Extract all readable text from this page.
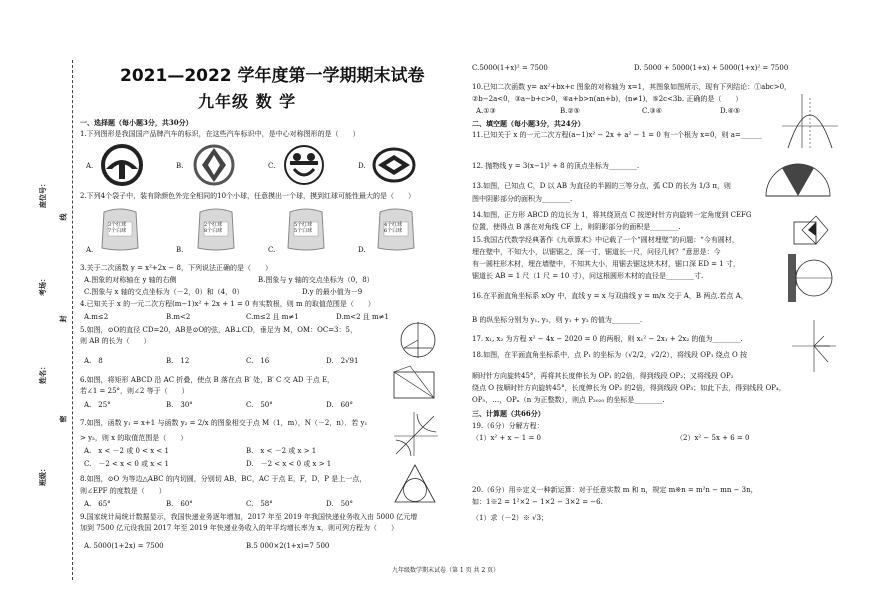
班级：
姓名：
考场：
座位号：
线
封
密
2021—2022 学年度第一学期期末试卷
九年级 数 学
一、选择题（每小题3分，共30分）
1.下列图形是我国国产品牌汽车的标识，在这些汽车标识中，是中心对称图形的是（　　）
A.	B.	C.	D.
2.下列4个袋子中，装有除颜色外完全相同的10个小球，任意摸出一个球，摸到红球可能性最大的是（　　）
A.	B.	C.	D.
3个红球
7个白球
2个红球
8个白球
5个红球
5个白球
4个红球
6个白球
3.关于二次函数 y = x²+2x − 8，下列说法正确的是（　　）
A.图象的对称轴在 y 轴的右侧	B.图象与 y 轴的交点坐标为（0，8）
C.图象与 x 轴的交点坐标为（－2，0）和（4，0）	D.y 的最小值为－9
4.已知关于 x 的一元二次方程(m−1)x² + 2x + 1 = 0 有实数根，则 m 的取值范围是（　　）
A.m≤2	B.m<2	C.m≤2 且 m≠1	D.m<2 且 m≠1
5.如图，⊙O的直径 CD=20，AB是⊙O的弦，AB⊥CD，垂足为 M，OM：OC=3：5，
则 AB 的长为（　　）
A.　8	B.　12	C.　16	D.　2√91
6.如图，将矩形 ABCD 沿 AC 折叠，使点 B 落在点 B′ 处，B′ C 交 AD 于点 E，
若∠1 = 25°，则∠2 等于（　　）
A.　25°	B.　30°	C.　50°	D.　60°
7.如图，函数 y₁ = x+1 与函数 y₂ = 2/x 的图象相交于点 M（1，m），N（－2，n）．若 y₁
> y₂，则 x 的取值范围是（　　）
A.　x < －2 或 0 < x < 1	B.　x < －2 或 x > 1
C.　－2 < x < 0 或 x < 1	D.　－2 < x < 0 或 x > 1
8.如图，⊙O 为等边△ABC 的内切圆，分别切 AB，BC，AC 于点 E，F，D，P 是上一点，
则∠EPF 的度数是（　　）
A.　65°	B.　60°	C.　58°	D.　50°
9.国家统计局统计数据显示，我国快递业务逐年增加，2017 年至 2019 年我国快递业务收入由 5000 亿元增
加到 7500 亿元设我国 2017 年至 2019 年快递业务收入的年平均增长率为 x，则可列方程为（　　）
A. 5000(1+2x) = 7500	B.5 000×2(1+x)=7 500
C.5000(1+x)² = 7500	D. 5000 + 5000(1+x) + 5000(1+x)² = 7500
10.已知二次函数 y= ax²+bx+c 图象的对称轴为 x=1，其图象如图所示，现有下列结论：①abc>0，
②b−2a<0，③a−b+c>0，④a+b>n(an+b)，(n≠1)，⑤2c<3b. 正确的是（　　）
A.①③	B.②⑤	C.③④	D.④⑤
二、填空题（每小题3分，共24分）
11.已知关于 x 的一元二次方程(a−1)x² − 2x + a² − 1 = 0 有一个根为 x=0，则 a=______
12. 抛物线 y = 3(x−1)² + 8 的顶点坐标为________.
13.如图，已知点 C，D 以 AB 为直径的半圆的三等分点，弧 CD 的长为 1/3 π，则
图中阴影部分的面积为________.
14.如图，正方形 ABCD 的边长为 1，将其绕顶点 C 按逆时针方向旋转一定角度到 CEFG
位置，使得点 B 落在对角线 CF 上，则阴影部分的面积是________.
15.我国古代数学经典著作《九章算术》中记载了一个“圆材埋壁”的问题：“今有圆材，
埋在壁中，不知大小，以锯锯之，深一寸，锯道长一尺，问径几何？”意思是：今
有一圆柱形木材，埋在墙壁中，不知其大小，用锯去锯这块木材，锯口深 ED = 1 寸，
锯道长 AB = 1 尺（1 尺 = 10 寸），问这根圆形木材的直径是________寸.
16.在平面直角坐标系 xOy 中，直线 y = x 与双曲线 y = m/x 交于 A，B 两点.若点 A，
B 的纵坐标分别为 y₁, y₂，则 y₁ + y₂ 的值为________.
17. x₁, x₂ 为方程 x² − 4x − 2020 = 0 的两根，则 x₁² − 2x₁ + 2x₂ 的值为________.
18.如图，在平面直角坐标系中，点 P₁ 的坐标为（√2/2，√2/2），将线段 OP₁ 绕点 O 按
顺时针方向旋转45°，再将其长度伸长为 OP₁ 的2倍，得到线段 OP₂；又将线段 OP₂
绕点 O 按顺时针方向旋转45°，长度伸长为 OP₂ 的2倍，得到线段 OP₃；如此下去，得到线段 OP₄，
OP₅，…，OPₙ（n 为正整数），则点 P₂₀₂₀ 的坐标是________.
三、计算题（共66分）
19.（6分）分解方程：
（1）x² + x − 1 = 0	（2）x² − 5x + 6 = 0
20.（6分）用※定义一种新运算：对于任意实数 m 和 n，规定 m※n = m²n − mn − 3n，
如：1※2 = 1²×2 − 1×2 − 3×2 = −6.
（1）求（－2）※ √3；
九年级数学期末试卷（第 1 页 共 2 页）
